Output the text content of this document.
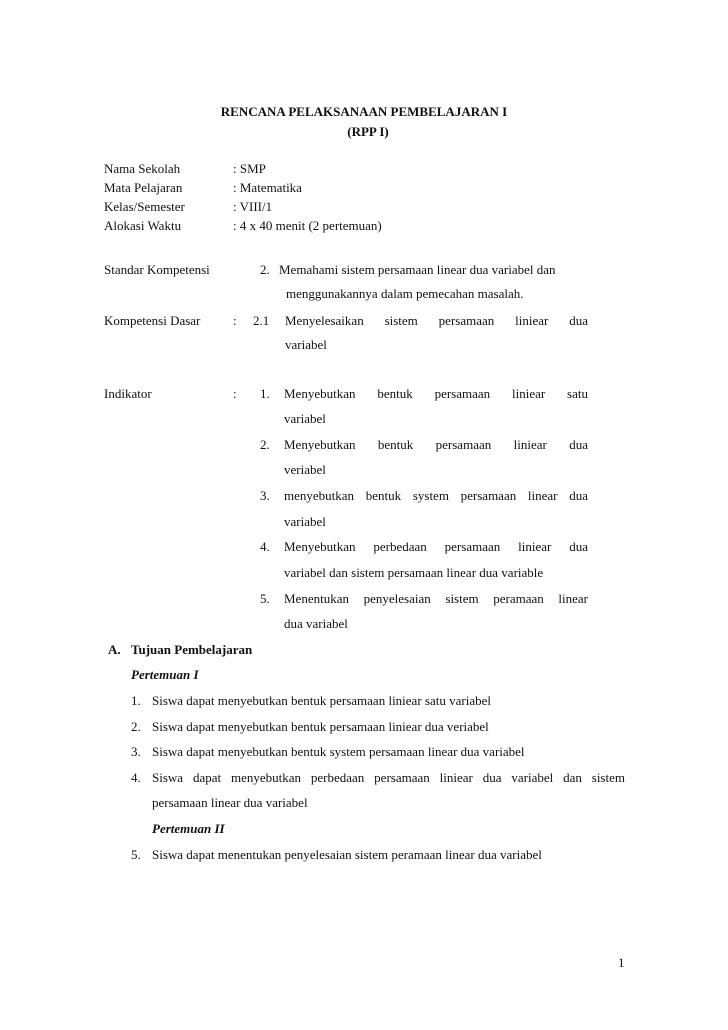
RENCANA PELAKSANAAN PEMBELAJARAN I
(RPP I)
Nama Sekolah	: SMP
Mata Pelajaran	: Matematika
Kelas/Semester	: VIII/1
Alokasi Waktu	: 4 x 40 menit (2 pertemuan)
Standar Kompetensi	2. Memahami sistem persamaan linear dua variabel dan
menggunakannya dalam pemecahan masalah.
Kompetensi Dasar	: 2.1 Menyelesaikan sistem persamaan liniear dua
variabel
Indikator	: 1. Menyebutkan bentuk persamaan liniear satu
variabel
2. Menyebutkan bentuk persamaan liniear dua
veriabel
3. menyebutkan bentuk system persamaan linear dua
variabel
4. Menyebutkan perbedaan persamaan liniear dua
variabel dan sistem persamaan linear dua variable
5. Menentukan penyelesaian sistem peramaan linear
dua variabel
A. Tujuan Pembelajaran
Pertemuan I
1. Siswa dapat menyebutkan bentuk persamaan liniear satu variabel
2. Siswa dapat menyebutkan bentuk persamaan liniear dua veriabel
3. Siswa dapat menyebutkan bentuk system persamaan linear dua variabel
4. Siswa dapat menyebutkan perbedaan persamaan liniear dua variabel dan sistem
persamaan linear dua variabel
Pertemuan II
5. Siswa dapat menentukan penyelesaian sistem peramaan linear dua variabel
1
